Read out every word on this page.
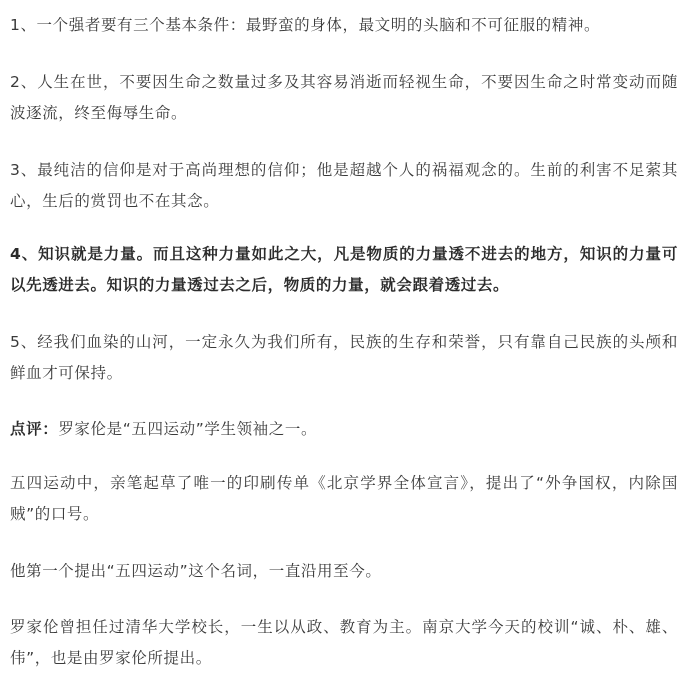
1、一个强者要有三个基本条件：最野蛮的身体，最文明的头脑和不可征服的精神。

2、人生在世，不要因生命之数量过多及其容易消逝而轻视生命，不要因生命之时常变动而随波逐流，终至侮辱生命。

3、最纯洁的信仰是对于高尚理想的信仰；他是超越个人的祸福观念的。生前的利害不足萦其心，生后的赏罚也不在其念。

4、知识就是力量。而且这种力量如此之大，凡是物质的力量透不进去的地方，知识的力量可以先透进去。知识的力量透过去之后，物质的力量，就会跟着透过去。

5、经我们血染的山河，一定永久为我们所有，民族的生存和荣誉，只有靠自己民族的头颅和鲜血才可保持。

点评：罗家伦是“五四运动”学生领袖之一。

五四运动中，亲笔起草了唯一的印刷传单《北京学界全体宣言》，提出了“外争国权，内除国贼”的口号。

他第一个提出“五四运动”这个名词，一直沿用至今。

罗家伦曾担任过清华大学校长，一生以从政、教育为主。南京大学今天的校训“诚、朴、雄、伟”，也是由罗家伦所提出。
